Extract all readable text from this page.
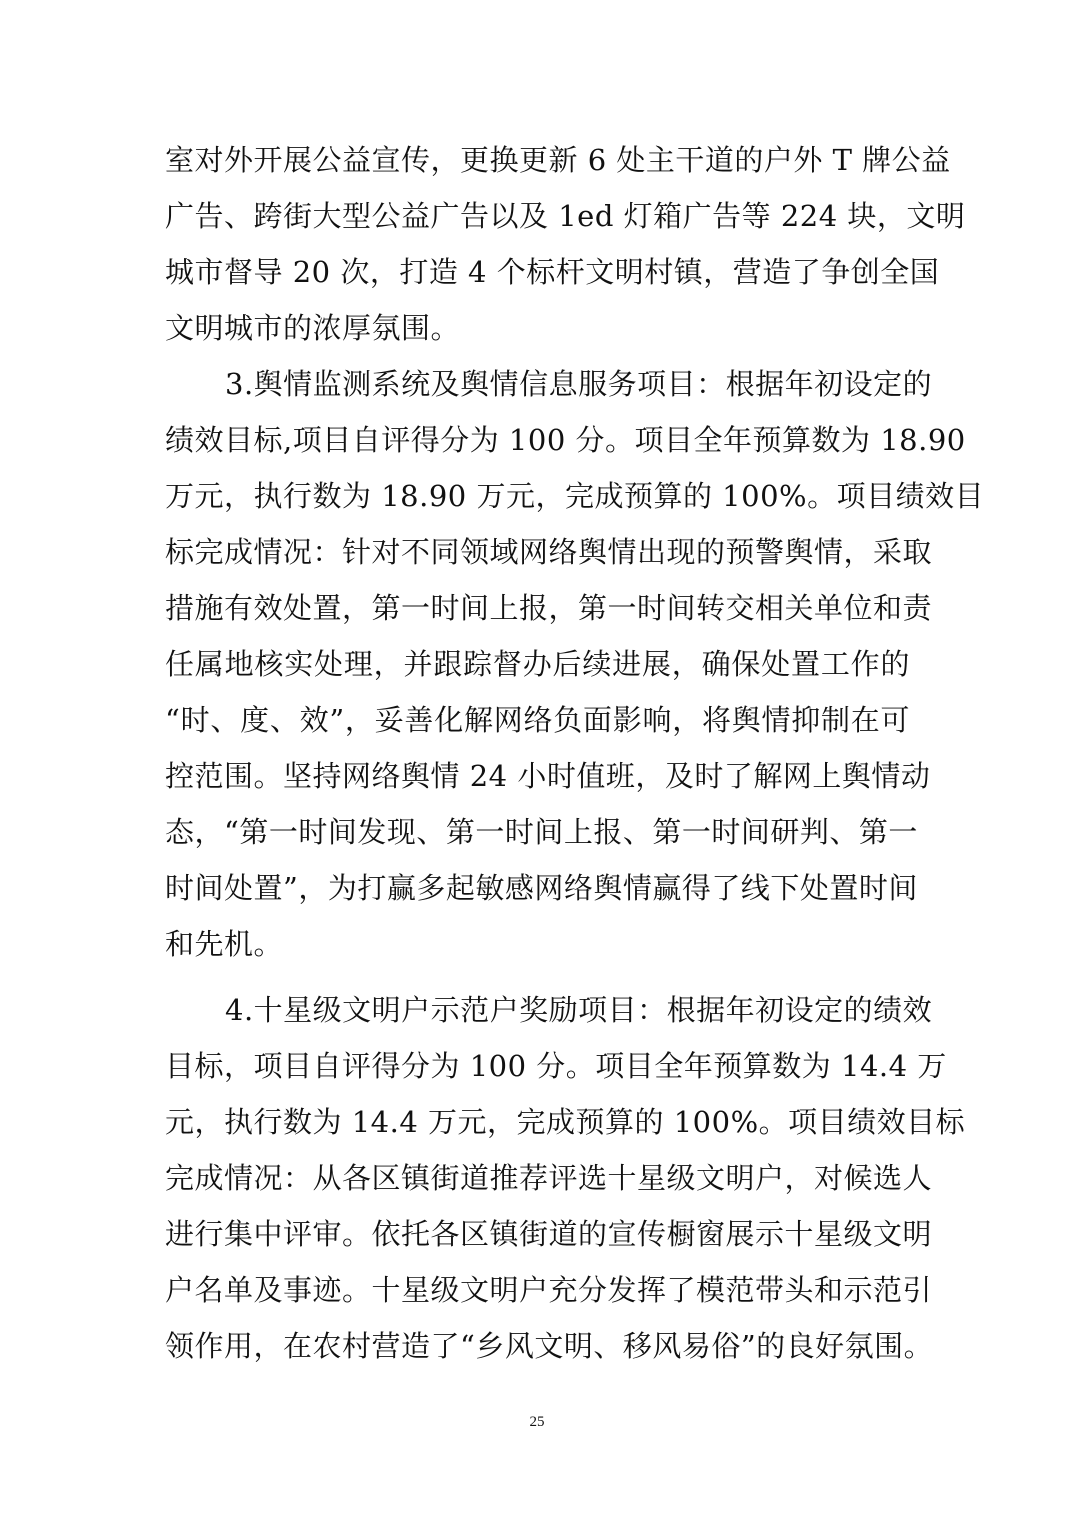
室对外开展公益宣传，更换更新 6 处主干道的户外 T 牌公益
广告、跨街大型公益广告以及 1ed 灯箱广告等 224 块，文明
城市督导 20 次，打造 4 个标杆文明村镇，营造了争创全国
文明城市的浓厚氛围。
3.舆情监测系统及舆情信息服务项目：根据年初设定的
绩效目标,项目自评得分为 100 分。项目全年预算数为 18.90
万元，执行数为 18.90 万元，完成预算的 100%。项目绩效目
标完成情况：针对不同领域网络舆情出现的预警舆情，采取
措施有效处置，第一时间上报，第一时间转交相关单位和责
任属地核实处理，并跟踪督办后续进展，确保处置工作的
“时、度、效”，妥善化解网络负面影响，将舆情抑制在可
控范围。坚持网络舆情 24 小时值班，及时了解网上舆情动
态，“第一时间发现、第一时间上报、第一时间研判、第一
时间处置”，为打赢多起敏感网络舆情赢得了线下处置时间
和先机。
4.十星级文明户示范户奖励项目：根据年初设定的绩效
目标，项目自评得分为 100 分。项目全年预算数为 14.4 万
元，执行数为 14.4 万元，完成预算的 100%。项目绩效目标
完成情况：从各区镇街道推荐评选十星级文明户，对候选人
进行集中评审。依托各区镇街道的宣传橱窗展示十星级文明
户名单及事迹。十星级文明户充分发挥了模范带头和示范引
领作用，在农村营造了“乡风文明、移风易俗”的良好氛围。
25
